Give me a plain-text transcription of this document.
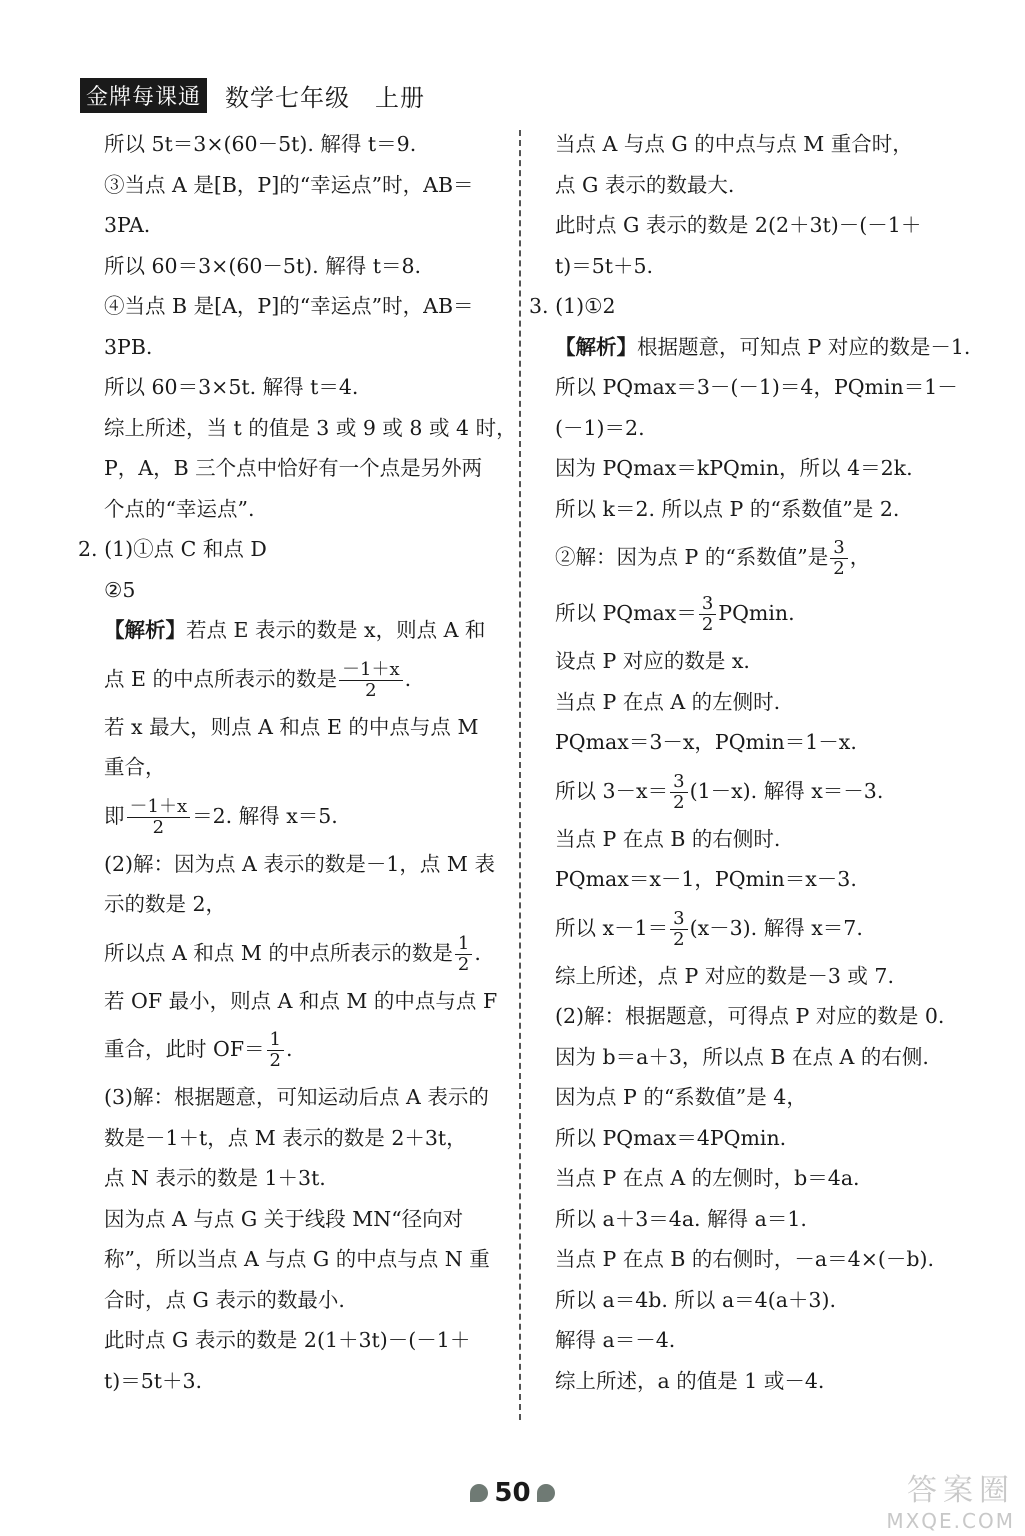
金牌每课通 数学七年级　上册
所以 5t＝3×(60－5t). 解得 t＝9.
③当点 A 是[B，P]的“幸运点”时，AB＝
3PA.
所以 60＝3×(60－5t). 解得 t＝8.
④当点 B 是[A，P]的“幸运点”时，AB＝
3PB.
所以 60＝3×5t. 解得 t＝4.
综上所述，当 t 的值是 3 或 9 或 8 或 4 时，
P，A，B 三个点中恰好有一个点是另外两
个点的“幸运点”.
2. (1)①点 C 和点 D
②5
【解析】若点 E 表示的数是 x，则点 A 和
点 E 的中点所表示的数是 $\frac{-1+x}{2}$ .
若 x 最大，则点 A 和点 E 的中点与点 M
重合，
即 $\frac{-1+x}{2} =2$. 解得 x＝5.
(2)解：因为点 A 表示的数是－1，点 M 表
示的数是 2，
所以点 A 和点 M 的中点所表示的数是 $\frac{1}{2}$ .
若 OF 最小，则点 A 和点 M 的中点与点 F
重合，此时 $OF= \frac{1}{2}$ .
(3)解：根据题意，可知运动后点 A 表示的
数是－1＋t，点 M 表示的数是 2＋3t，
点 N 表示的数是 1＋3t.
因为点 A 与点 G 关于线段 MN“径向对
称”，所以当点 A 与点 G 的中点与点 N 重
合时，点 G 表示的数最小.
此时点 G 表示的数是 2(1＋3t)－(－1＋
t)＝5t＋3.
当点 A 与点 G 的中点与点 M 重合时，
点 G 表示的数最大.
此时点 G 表示的数是 2(2＋3t)－(－1＋
t)＝5t＋5.
3. (1)①2
【解析】根据题意，可知点 P 对应的数是－1.
所以 PQmax＝3－(－1)＝4，PQmin＝1－
(－1)＝2.
因为 PQmax＝kPQmin，所以 4＝2k.
所以 k＝2. 所以点 P 的“系数值”是 2.
②解：因为点 P 的“系数值”是 $\frac{3}{2}$ ，
所以 $PQmax= \frac{3}{2} PQmin$.
设点 P 对应的数是 x.
当点 P 在点 A 的左侧时.
PQmax＝3－x，PQmin＝1－x.
所以 $3-x= \frac{3}{2} (1-x)$. 解得 x＝－3.
当点 P 在点 B 的右侧时.
PQmax＝x－1，PQmin＝x－3.
所以 $x-1= \frac{3}{2} (x-3)$. 解得 x＝7.
综上所述，点 P 对应的数是－3 或 7.
(2)解：根据题意，可得点 P 对应的数是 0.
因为 b＝a＋3，所以点 B 在点 A 的右侧.
因为点 P 的“系数值”是 4，
所以 PQmax＝4PQmin.
当点 P 在点 A 的左侧时，b＝4a.
所以 a＋3＝4a. 解得 a＝1.
当点 P 在点 B 的右侧时，－a＝4×(－b).
所以 a＝4b. 所以 a＝4(a＋3).
解得 a＝－4.
综上所述，a 的值是 1 或－4.
50	答案圈
MXQE.COM
